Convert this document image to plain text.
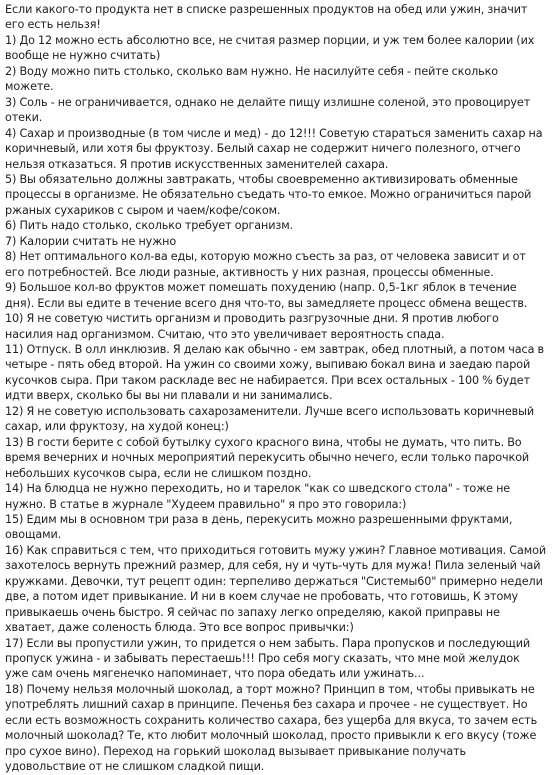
Если какого-то продукта нет в списке разрешенных продуктов на обед или ужин, значит его есть нельзя!

1) До 12 можно есть абсолютно все, не считая размер порции, и уж тем более калории (их вообще не нужно считать)

2) Воду можно пить столько, сколько вам нужно. Не насилуйте себя - пейте сколько можете.

3) Соль - не ограничивается, однако не делайте пищу излишне соленой, это провоцирует отеки.

4) Сахар и производные (в том числе и мед) - до 12!!! Советую стараться заменить сахар на коричневый, или хотя бы фруктозу. Белый сахар не содержит ничего полезного, отчего нельзя отказаться. Я против искусственных заменителей сахара.

5) Вы обязательно должны завтракать, чтобы своевременно активизировать обменные процессы в организме. Не обязательно съедать что-то емкое. Можно ограничиться парой ржаных сухариков с сыром и чаем/кофе/соком.

6) Пить надо столько, сколько требует организм.

7) Калории считать не нужно

8) Нет оптимального кол-ва еды, которую можно съесть за раз, от человека зависит и от его потребностей. Все люди разные, активность у них разная, процессы обменные.

9) Большое кол-во фруктов может помешать похудению (напр. 0,5-1кг яблок в течение дня). Если вы едите в течение всего дня что-то, вы замедляете процесс обмена веществ.

10) Я не советую чистить организм и проводить разгрузочные дни. Я против любого насилия над организмом. Считаю, что это увеличивает вероятность спада.

11) Отпуск. В олл инклюзив. Я делаю как обычно - ем завтрак, обед плотный, а потом часа в четыре - пять обед второй. На ужин со своими хожу, выпиваю бокал вина и заедаю парой кусочков сыра. При таком раскладе вес не набирается. При всех остальных - 100 % будет идти вверх, сколько бы вы ни плавали и ни занимались.

12) Я не советую использовать сахарозаменители. Лучше всего использовать коричневый сахар, или фруктозу, на худой конец:)

13) В гости берите с собой бутылку сухого красного вина, чтобы не думать, что пить. Во время вечерних и ночных мероприятий перекусить обычно нечего, если только парочкой небольших кусочков сыра, если не слишком поздно.

14) На блюдца не нужно переходить, но и тарелок "как со шведского стола" - тоже не нужно. В статье в журнале "Худеем правильно" я про это говорила:)

15) Едим мы в основном три раза в день, перекусить можно разрешенными фруктами, овощами.

16) Как справиться с тем, что приходиться готовить мужу ужин? Главное мотивация. Самой захотелось вернуть прежний размер, для себя, ну и чуть-чуть для мужа! Пила зеленый чай кружками. Девочки, тут рецепт один: терпеливо держаться "Системы60" примерно недели две, а потом идет привыкание. И ни в коем случае не пробовать, что готовишь, К этому привыкаешь очень быстро. Я сейчас по запаху легко определяю, какой приправы не хватает, даже соленость блюда. Это все вопрос привычки:)

17) Если вы пропустили ужин, то придется о нем забыть. Пара пропусков и последующий пропуск ужина - и забывать перестаешь!!! Про себя могу сказать, что мне мой желудок уже сам очень мягенечко напоминает, что пора обедать или ужинать...

18) Почему нельзя молочный шоколад, а торт можно? Принцип в том, чтобы привыкать не употреблять лишний сахар в принципе. Печенья без сахара и прочее - не существует. Но если есть возможность сохранить количество сахара, без ущерба для вкуса, то зачем есть молочный шоколад? Те, кто любит молочный шоколад, просто привыкли к его вкусу (тоже про сухое вино). Переход на горький шоколад вызывает привыкание получать удовольствие от не слишком сладкой пищи.
